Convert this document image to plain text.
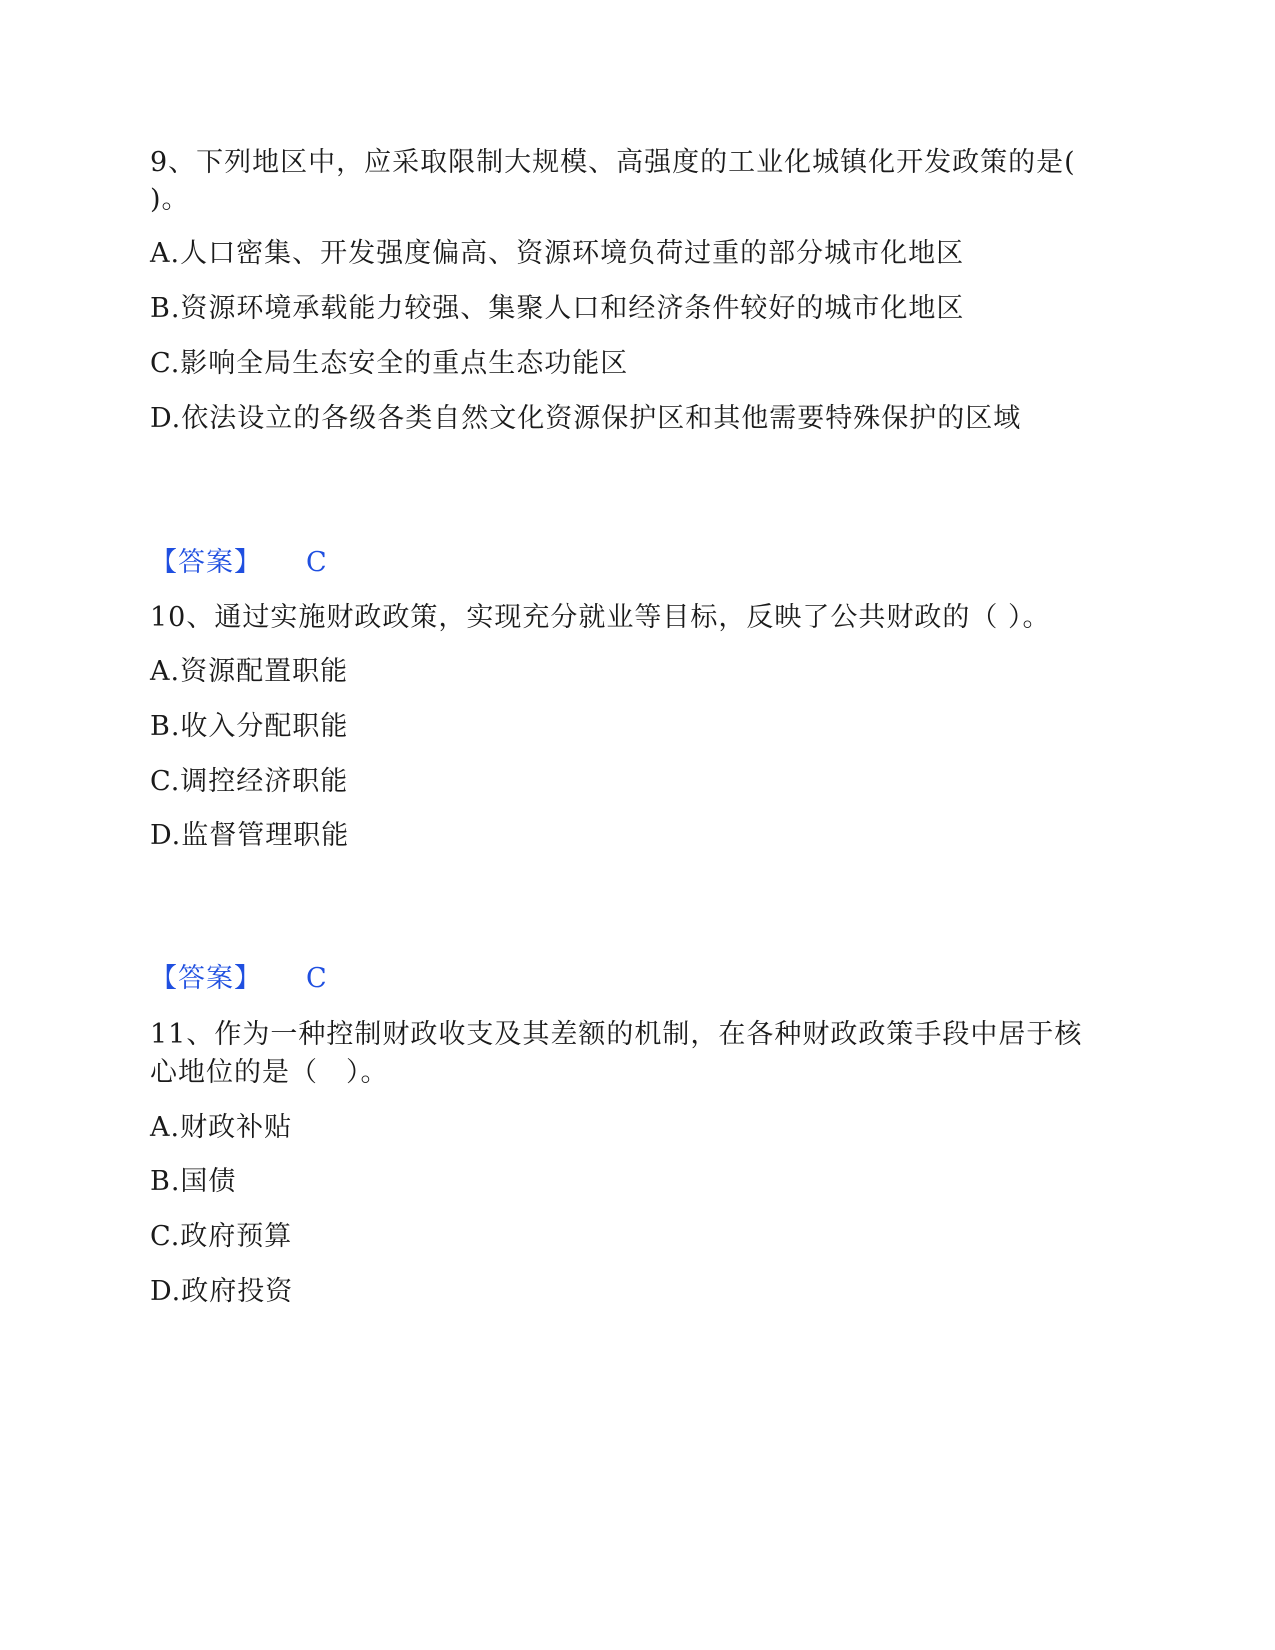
9、下列地区中，应采取限制大规模、高强度的工业化城镇化开发政策的是(
)。
A.人口密集、开发强度偏高、资源环境负荷过重的部分城市化地区
B.资源环境承载能力较强、集聚人口和经济条件较好的城市化地区
C.影响全局生态安全的重点生态功能区
D.依法设立的各级各类自然文化资源保护区和其他需要特殊保护的区域
【答案】 C
10、通过实施财政政策，实现充分就业等目标，反映了公共财政的（ ）。
A.资源配置职能
B.收入分配职能
C.调控经济职能
D.监督管理职能
【答案】 C
11、作为一种控制财政收支及其差额的机制，在各种财政政策手段中居于核
心地位的是（　）。
A.财政补贴
B.国债
C.政府预算
D.政府投资
